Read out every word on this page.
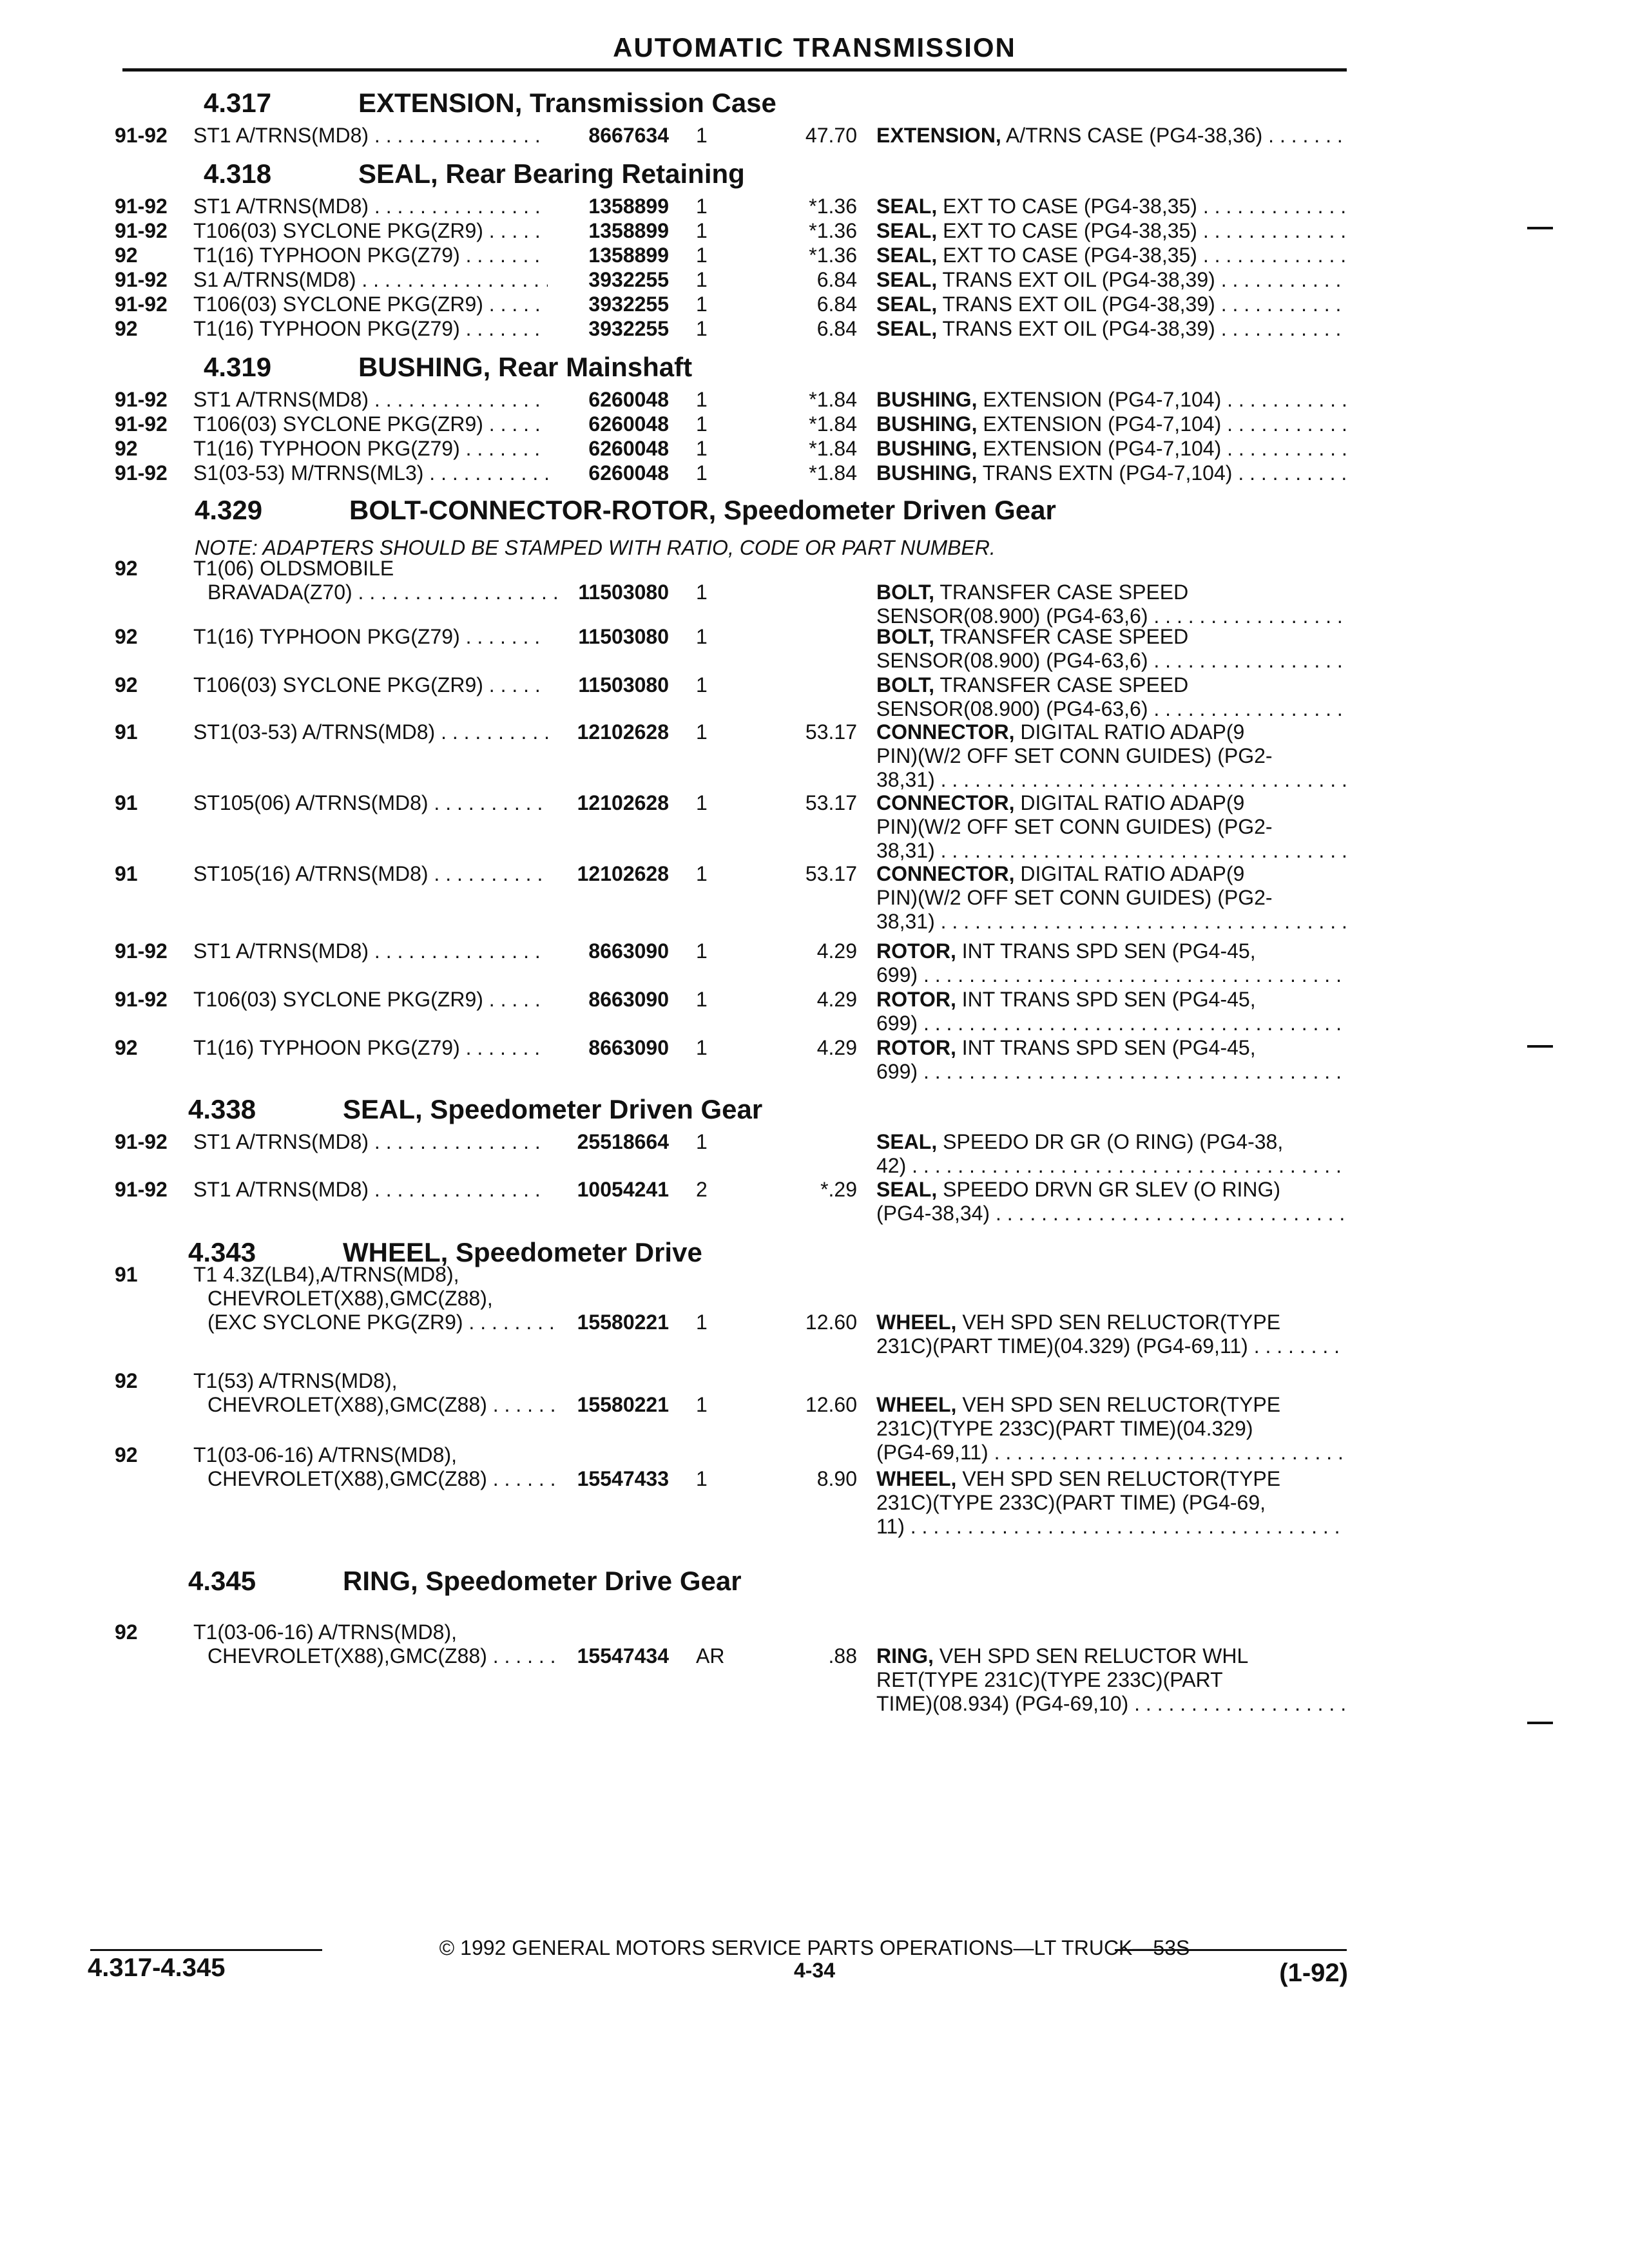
AUTOMATIC TRANSMISSION
NOTE: ADAPTERS SHOULD BE STAMPED WITH RATIO, CODE OR PART NUMBER.
© 1992 GENERAL MOTORS SERVICE PARTS OPERATIONS—LT TRUCK—53S
4.317-4.345	4-34	(1-92)
4.317	EXTENSION, Transmission Case
91-92 ST1 A/TRNS(MD8) . . .	8667634 1	47.70 EXTENSION, A/TRNS CASE (PG4-38,36) . . .
4.318	SEAL, Rear Bearing Retaining
91-92 ST1 A/TRNS(MD8) . . .	1358899 1	*1.36 SEAL, EXT TO CASE (PG4-38,35) . . .
91-92 T106(03) SYCLONE PKG(ZR9) . . .	1358899 1	*1.36 SEAL, EXT TO CASE (PG4-38,35) . . .
92	T1(16) TYPHOON PKG(Z79) . . .	1358899 1	*1.36 SEAL, EXT TO CASE (PG4-38,35) . . .
91-92 S1 A/TRNS(MD8) . . .	3932255 1	6.84 SEAL, TRANS EXT OIL (PG4-38,39) . . .
91-92 T106(03) SYCLONE PKG(ZR9) . . .	3932255 1	6.84 SEAL, TRANS EXT OIL (PG4-38,39) . . .
92	T1(16) TYPHOON PKG(Z79) . . .	3932255 1	6.84 SEAL, TRANS EXT OIL (PG4-38,39) . . .
4.319	BUSHING, Rear Mainshaft
91-92 ST1 A/TRNS(MD8) . . .	6260048 1	*1.84 BUSHING, EXTENSION (PG4-7,104) . . .
91-92 T106(03) SYCLONE PKG(ZR9) . . .	6260048 1	*1.84 BUSHING, EXTENSION (PG4-7,104) . . .
92	T1(16) TYPHOON PKG(Z79) . . .	6260048 1	*1.84 BUSHING, EXTENSION (PG4-7,104) . . .
91-92 S1(03-53) M/TRNS(ML3) . . .	6260048 1	*1.84 BUSHING, TRANS EXTN (PG4-7,104) . . .
4.329	BOLT-CONNECTOR-ROTOR, Speedometer Driven Gear
92	T1(06) OLDSMOBILE
BRAVADA(Z70) . . .	11503080 1	BOLT, TRANSFER CASE SPEED
SENSOR(08.900) (PG4-63,6) . . .
92	T1(16) TYPHOON PKG(Z79) . . .	11503080 1	BOLT, TRANSFER CASE SPEED
SENSOR(08.900) (PG4-63,6) . . .
92	T106(03) SYCLONE PKG(ZR9) . . .	11503080 1	BOLT, TRANSFER CASE SPEED
SENSOR(08.900) (PG4-63,6) . . .
91	ST1(03-53) A/TRNS(MD8) . . .	12102628 1	53.17 CONNECTOR, DIGITAL RATIO ADAP(9
PIN)(W/2 OFF SET CONN GUIDES) (PG2-
38,31) . . .
91	ST105(06) A/TRNS(MD8) . . .	12102628 1	53.17 CONNECTOR, DIGITAL RATIO ADAP(9
PIN)(W/2 OFF SET CONN GUIDES) (PG2-
38,31) . . .
91	ST105(16) A/TRNS(MD8) . . .	12102628 1	53.17 CONNECTOR, DIGITAL RATIO ADAP(9
PIN)(W/2 OFF SET CONN GUIDES) (PG2-
38,31) . . .
91-92 ST1 A/TRNS(MD8) . . .	8663090 1	4.29 ROTOR, INT TRANS SPD SEN (PG4-45,
699) . . .
91-92 T106(03) SYCLONE PKG(ZR9) . . .	8663090 1	4.29 ROTOR, INT TRANS SPD SEN (PG4-45,
699) . . .
92	T1(16) TYPHOON PKG(Z79) . . .	8663090 1	4.29 ROTOR, INT TRANS SPD SEN (PG4-45,
699) . . .
4.338	SEAL, Speedometer Driven Gear
91-92 ST1 A/TRNS(MD8) . . .	25518664 1	SEAL, SPEEDO DR GR (O RING) (PG4-38,
42) . . .
91-92 ST1 A/TRNS(MD8) . . .	10054241 2	*.29 SEAL, SPEEDO DRVN GR SLEV (O RING)
(PG4-38,34) . . .
4.343	WHEEL, Speedometer Drive
91	T1 4.3Z(LB4),A/TRNS(MD8),
CHEVROLET(X88),GMC(Z88),
(EXC SYCLONE PKG(ZR9) . . .	15580221 1	12.60 WHEEL, VEH SPD SEN RELUCTOR(TYPE
231C)(PART TIME)(04.329) (PG4-69,11) . . .
92	T1(53) A/TRNS(MD8),
CHEVROLET(X88),GMC(Z88) . . .	15580221 1	12.60 WHEEL, VEH SPD SEN RELUCTOR(TYPE
231C)(TYPE 233C)(PART TIME)(04.329)
(PG4-69,11) . . .
92	T1(03-06-16) A/TRNS(MD8),
CHEVROLET(X88),GMC(Z88) . . .	15547433 1	8.90 WHEEL, VEH SPD SEN RELUCTOR(TYPE
231C)(TYPE 233C)(PART TIME) (PG4-69,
11) . . .
4.345	RING, Speedometer Drive Gear
92	T1(03-06-16) A/TRNS(MD8),
CHEVROLET(X88),GMC(Z88) . . .	15547434 AR	.88 RING, VEH SPD SEN RELUCTOR WHL
RET(TYPE 231C)(TYPE 233C)(PART
TIME)(08.934) (PG4-69,10) . . .
